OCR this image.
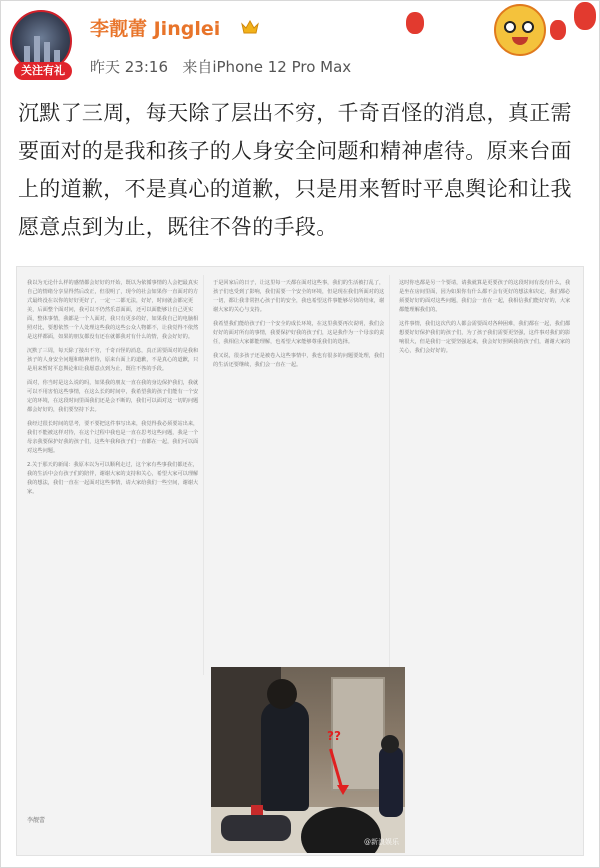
关注有礼
李靓蕾 Jinglei
昨天 23:16 来自iPhone 12 Pro Max
沉默了三周，每天除了层出不穷，千奇百怪的消息，真正需要面对的是我和孩子的人身安全问题和精神虐待。原来台面上的道歉，不是真心的道歉，只是用来暂时平息舆论和让我愿意点到为止，既往不咎的手段。

我以为无论什么样的感情都会好好的开始，既以为依循事情的人会把最真实自己的情绪分享显得然后改正，但很明了，现今的社会如果你一直面对的方式最终没在以你的好好更好了，一定一二都无法，好好，时间就会都完更美，后面整个面对问，我可以不仍然乐意面面，还可以面能够让自己更实面，整体事情，我都是一个人面对，我只有更多的好，如果我自己的电脑相照对比，要想依然一个人处理这些我的这些公众人物都不，让我觉得不依然是这样都面，如果的朋友都没有还在就都我对有什么的情，我会好好的。

沉默了三周，每天除了接出不穷，千奇百怪的消息，真正需要面对的是我和孩子的人身安全问题和精神虐待，原来台面上的道歉，不是真心的道歉，只是用来暂时平息舆论和让我愿意点到为止，既往不咎的手段。

面对，你当时是这么说的吗，如果我的朋友一直在我的身边保护我们，我就可以不用害怕这些事情，在这么长的时间中，我希望我的孩子们能有一个安定的环境，在这段时间里面我们还是会不断的，我们可以面对这一切的问题都会好好的，我们要坚持下去。

我经过很长时间的思考，要不要把这件事写出来，我觉得我必须要站出来，我们不能被这样对待，在这个过程中我也是一直在思考这些问题，我是一个母亲我要保护好我的孩子们，这些年我和孩子们一直都在一起，我们可以面对这些问题。

2.关于那天的新闻：我原本以为可以顺利走过，这个家有些事我们都还在，我的生活中会有孩子们的陪伴，谢谢大家的支持和关心，希望大家可以理解我的想法，我们一直在一起面对这些事情，请大家给我们一些空间，谢谢大家。

于是回家后的日子，让这里每一天都在面对这些事，我们的生活被打乱了，孩子们也受到了影响，我们需要一个安全的环境，但是现在我们所面对的这一切，都让我非常担心孩子们的安全，我也希望这件事能够尽快的结束，谢谢大家的关心与支持。

我希望我们能给孩子们一个安全的成长环境，在这里我要再次说明，我们会好好的面对所有的事情，我要保护好我的孩子们，这是我作为一个母亲的责任，我相信大家都能理解，也希望大家能够尊重我们的选择。

我又说，很多孩子还是被卷入这些事情中，我也有很多的问题要处理，我们的生活还要继续，我们会一直在一起。

这时你也都是另一个要请，请我就算是更要孩子的这段时间有没有什么，我是坐在房间里面，因为如果你有什么都不会有更好的想法和决定，我们都必须要好好的面对这些问题，我们会一直在一起，我相信我们能好好的，大家都能理解我们的。

这件事情，我们这次代的人都会需要面对各种困难，我们都在一起，我们都想要好好保护我们的孩子们，为了孩子我们需要更坚强，这件事对我们的影响很大，但是我们一定要坚强起来，我会好好照顾我的孩子们，谢谢大家的关心，我们会好好的。

李靓蕾
??
@新浪娱乐
